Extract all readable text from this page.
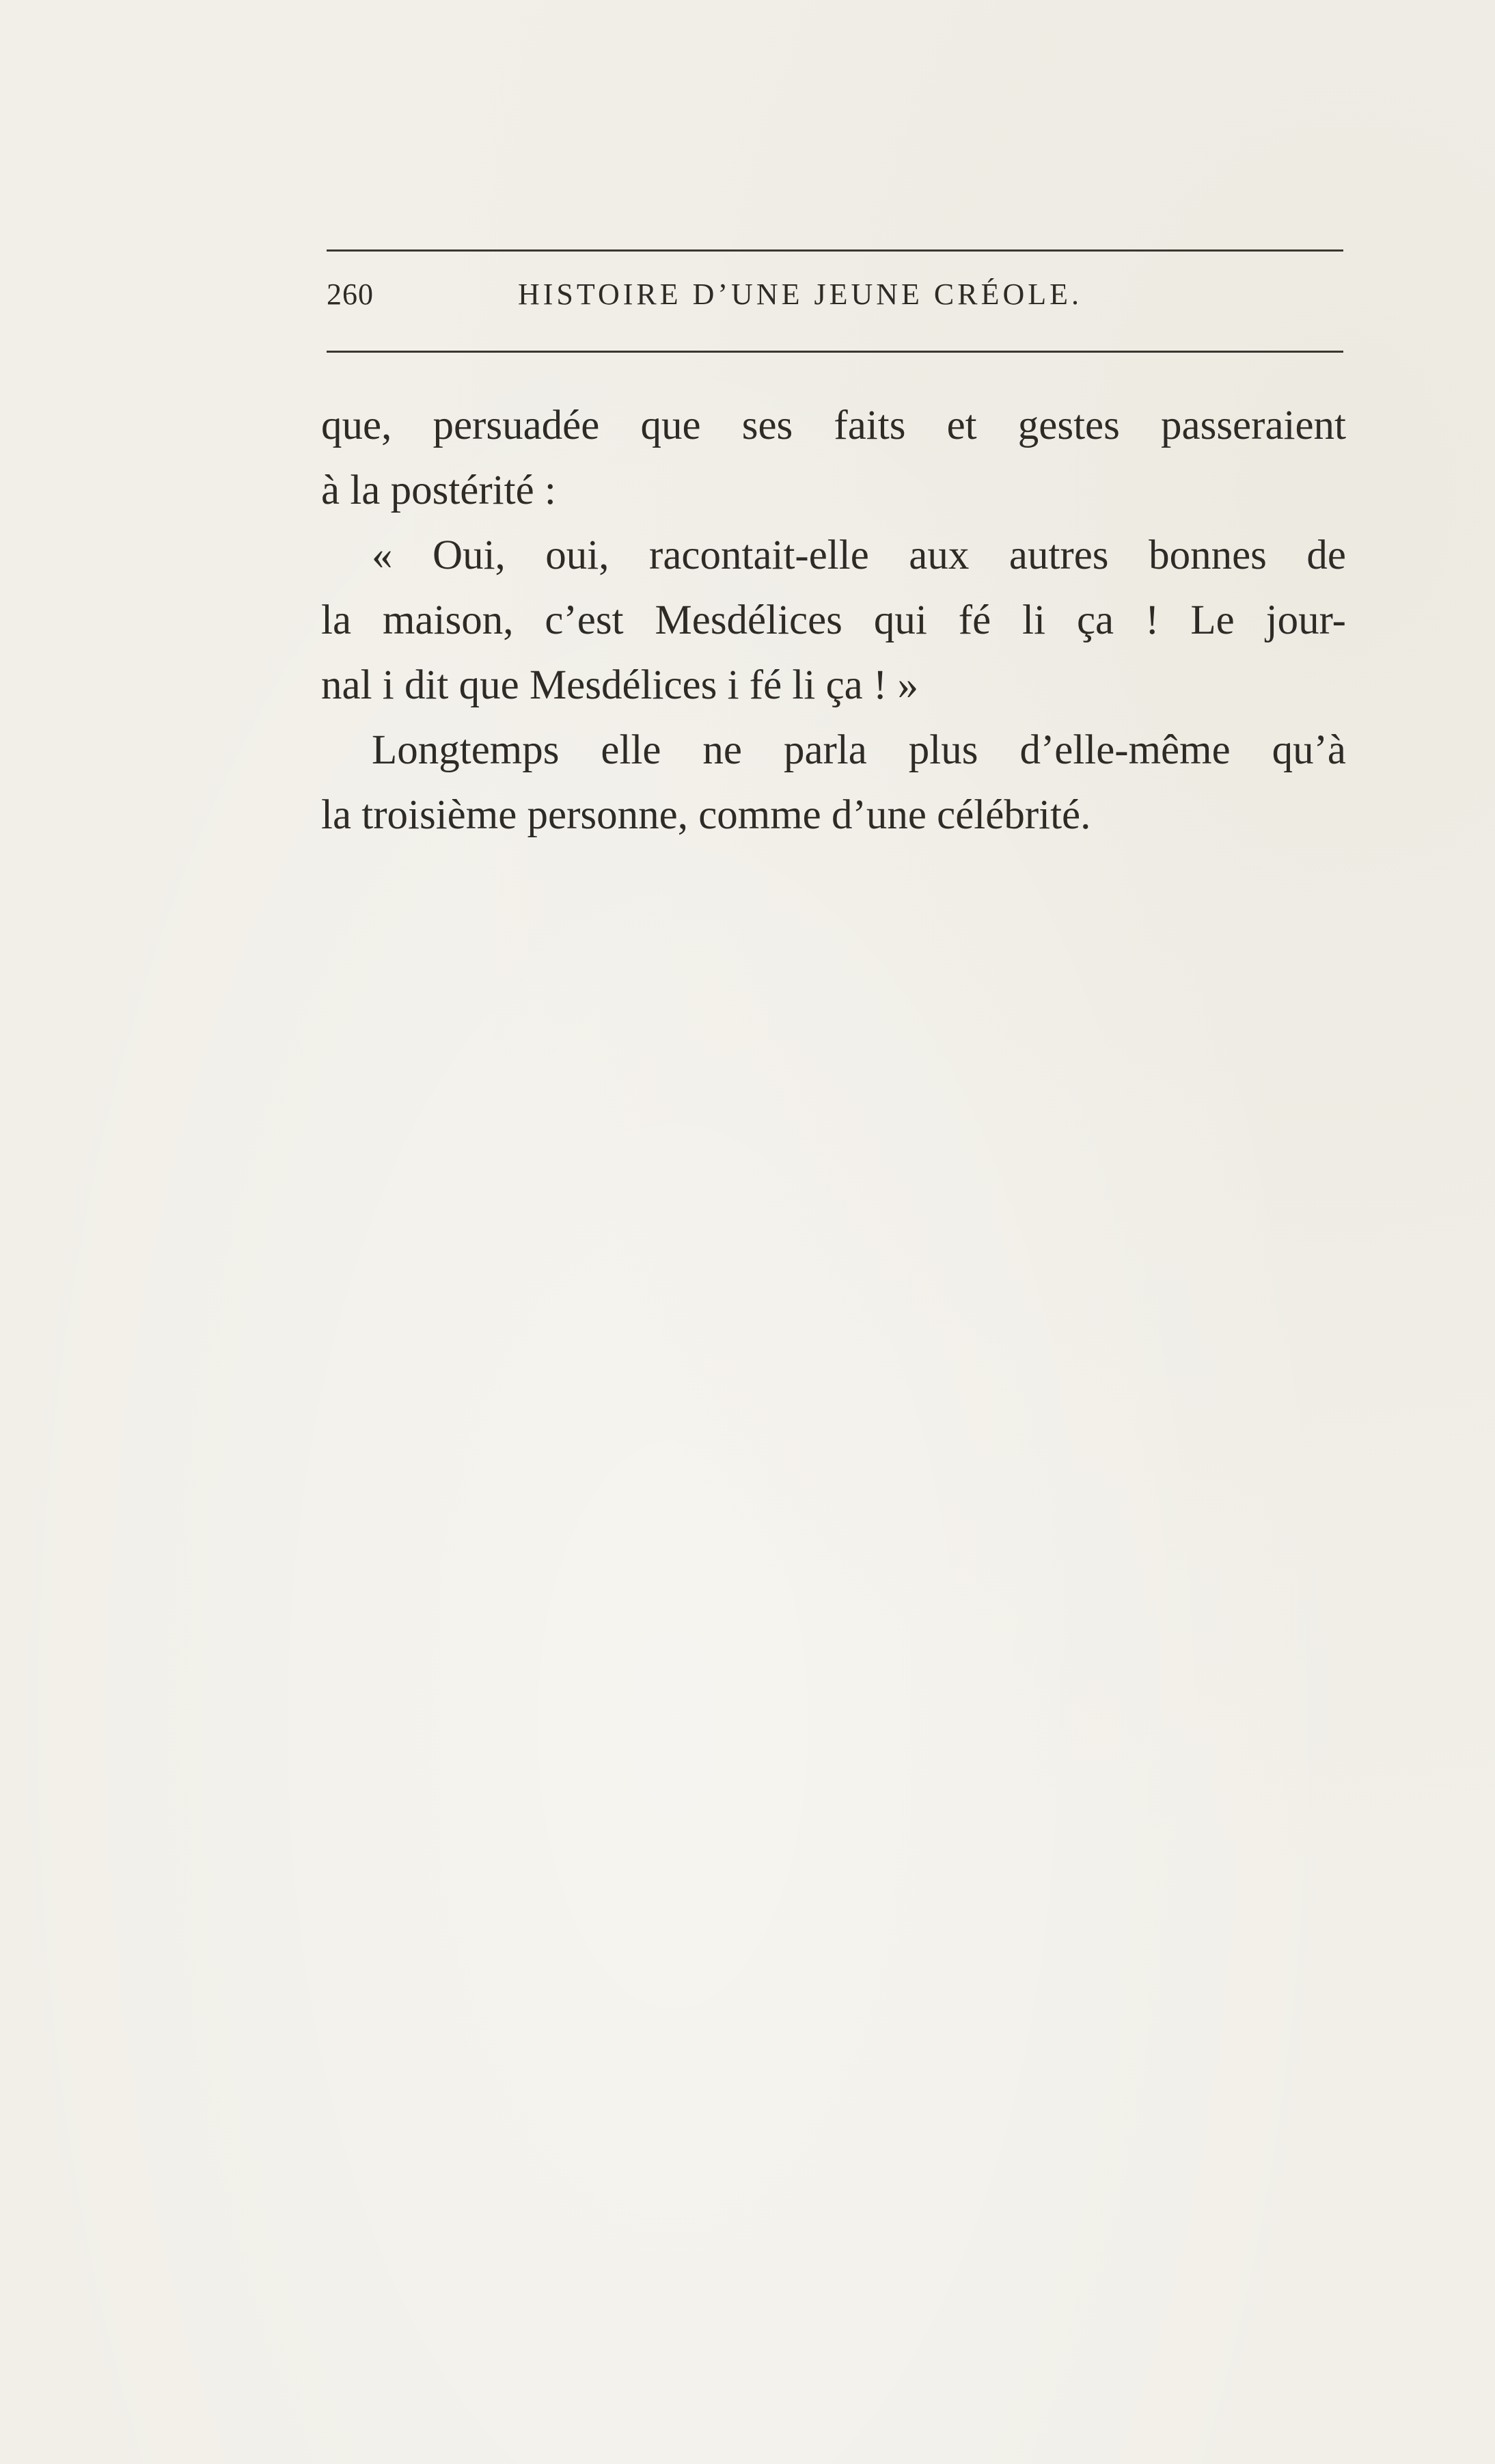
260	HISTOIRE D’UNE JEUNE CRÉOLE.
que, persuadée que ses faits et gestes passeraient
à la postérité :
« Oui, oui, racontait-elle aux autres bonnes de
la maison, c’est Mesdélices qui fé li ça ! Le jour-
nal i dit que Mesdélices i fé li ça ! »
Longtemps elle ne parla plus d’elle-même qu’à
la troisième personne, comme d’une célébrité.
